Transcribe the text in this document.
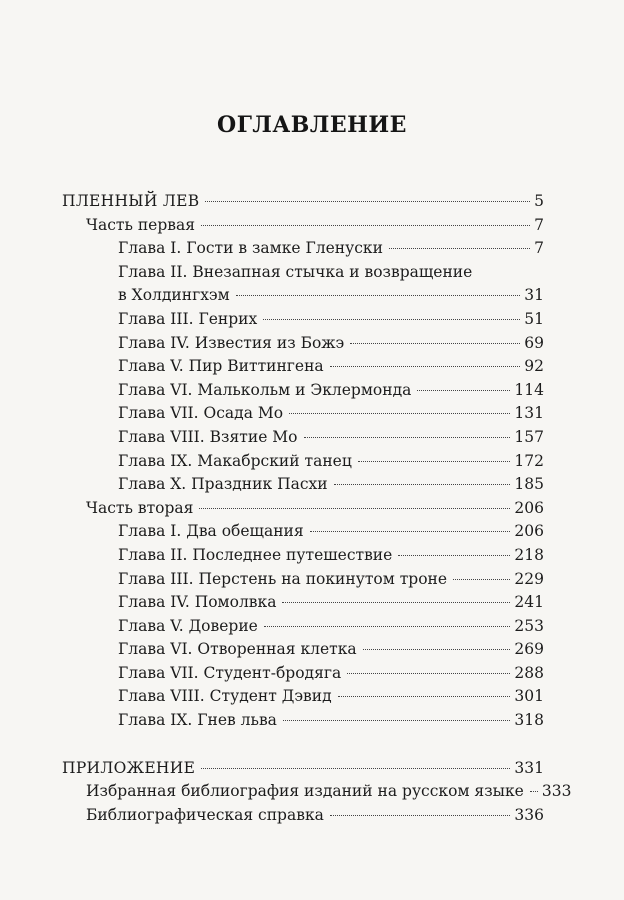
ОГЛАВЛЕНИЕ
ПЛЕННЫЙ ЛЕВ	5
Часть первая	7
Глава I. Гости в замке Гленуски	7
Глава II. Внезапная стычка и возвращение
в Холдингхэм	31
Глава III. Генрих	51
Глава IV. Известия из Божэ	69
Глава V. Пир Виттингена	92
Глава VI. Малькольм и Эклермонда	114
Глава VII. Осада Мо	131
Глава VIII. Взятие Мо	157
Глава IX. Макабрский танец	172
Глава X. Праздник Пасхи	185
Часть вторая	206
Глава I. Два обещания	206
Глава II. Последнее путешествие	218
Глава III. Перстень на покинутом троне	229
Глава IV. Помолвка	241
Глава V. Доверие	253
Глава VI. Отворенная клетка	269
Глава VII. Студент-бродяга	288
Глава VIII. Студент Дэвид	301
Глава IX. Гнев льва	318
ПРИЛОЖЕНИЕ	331
Избранная библиография изданий на русском языке 333
Библиографическая справка	336
